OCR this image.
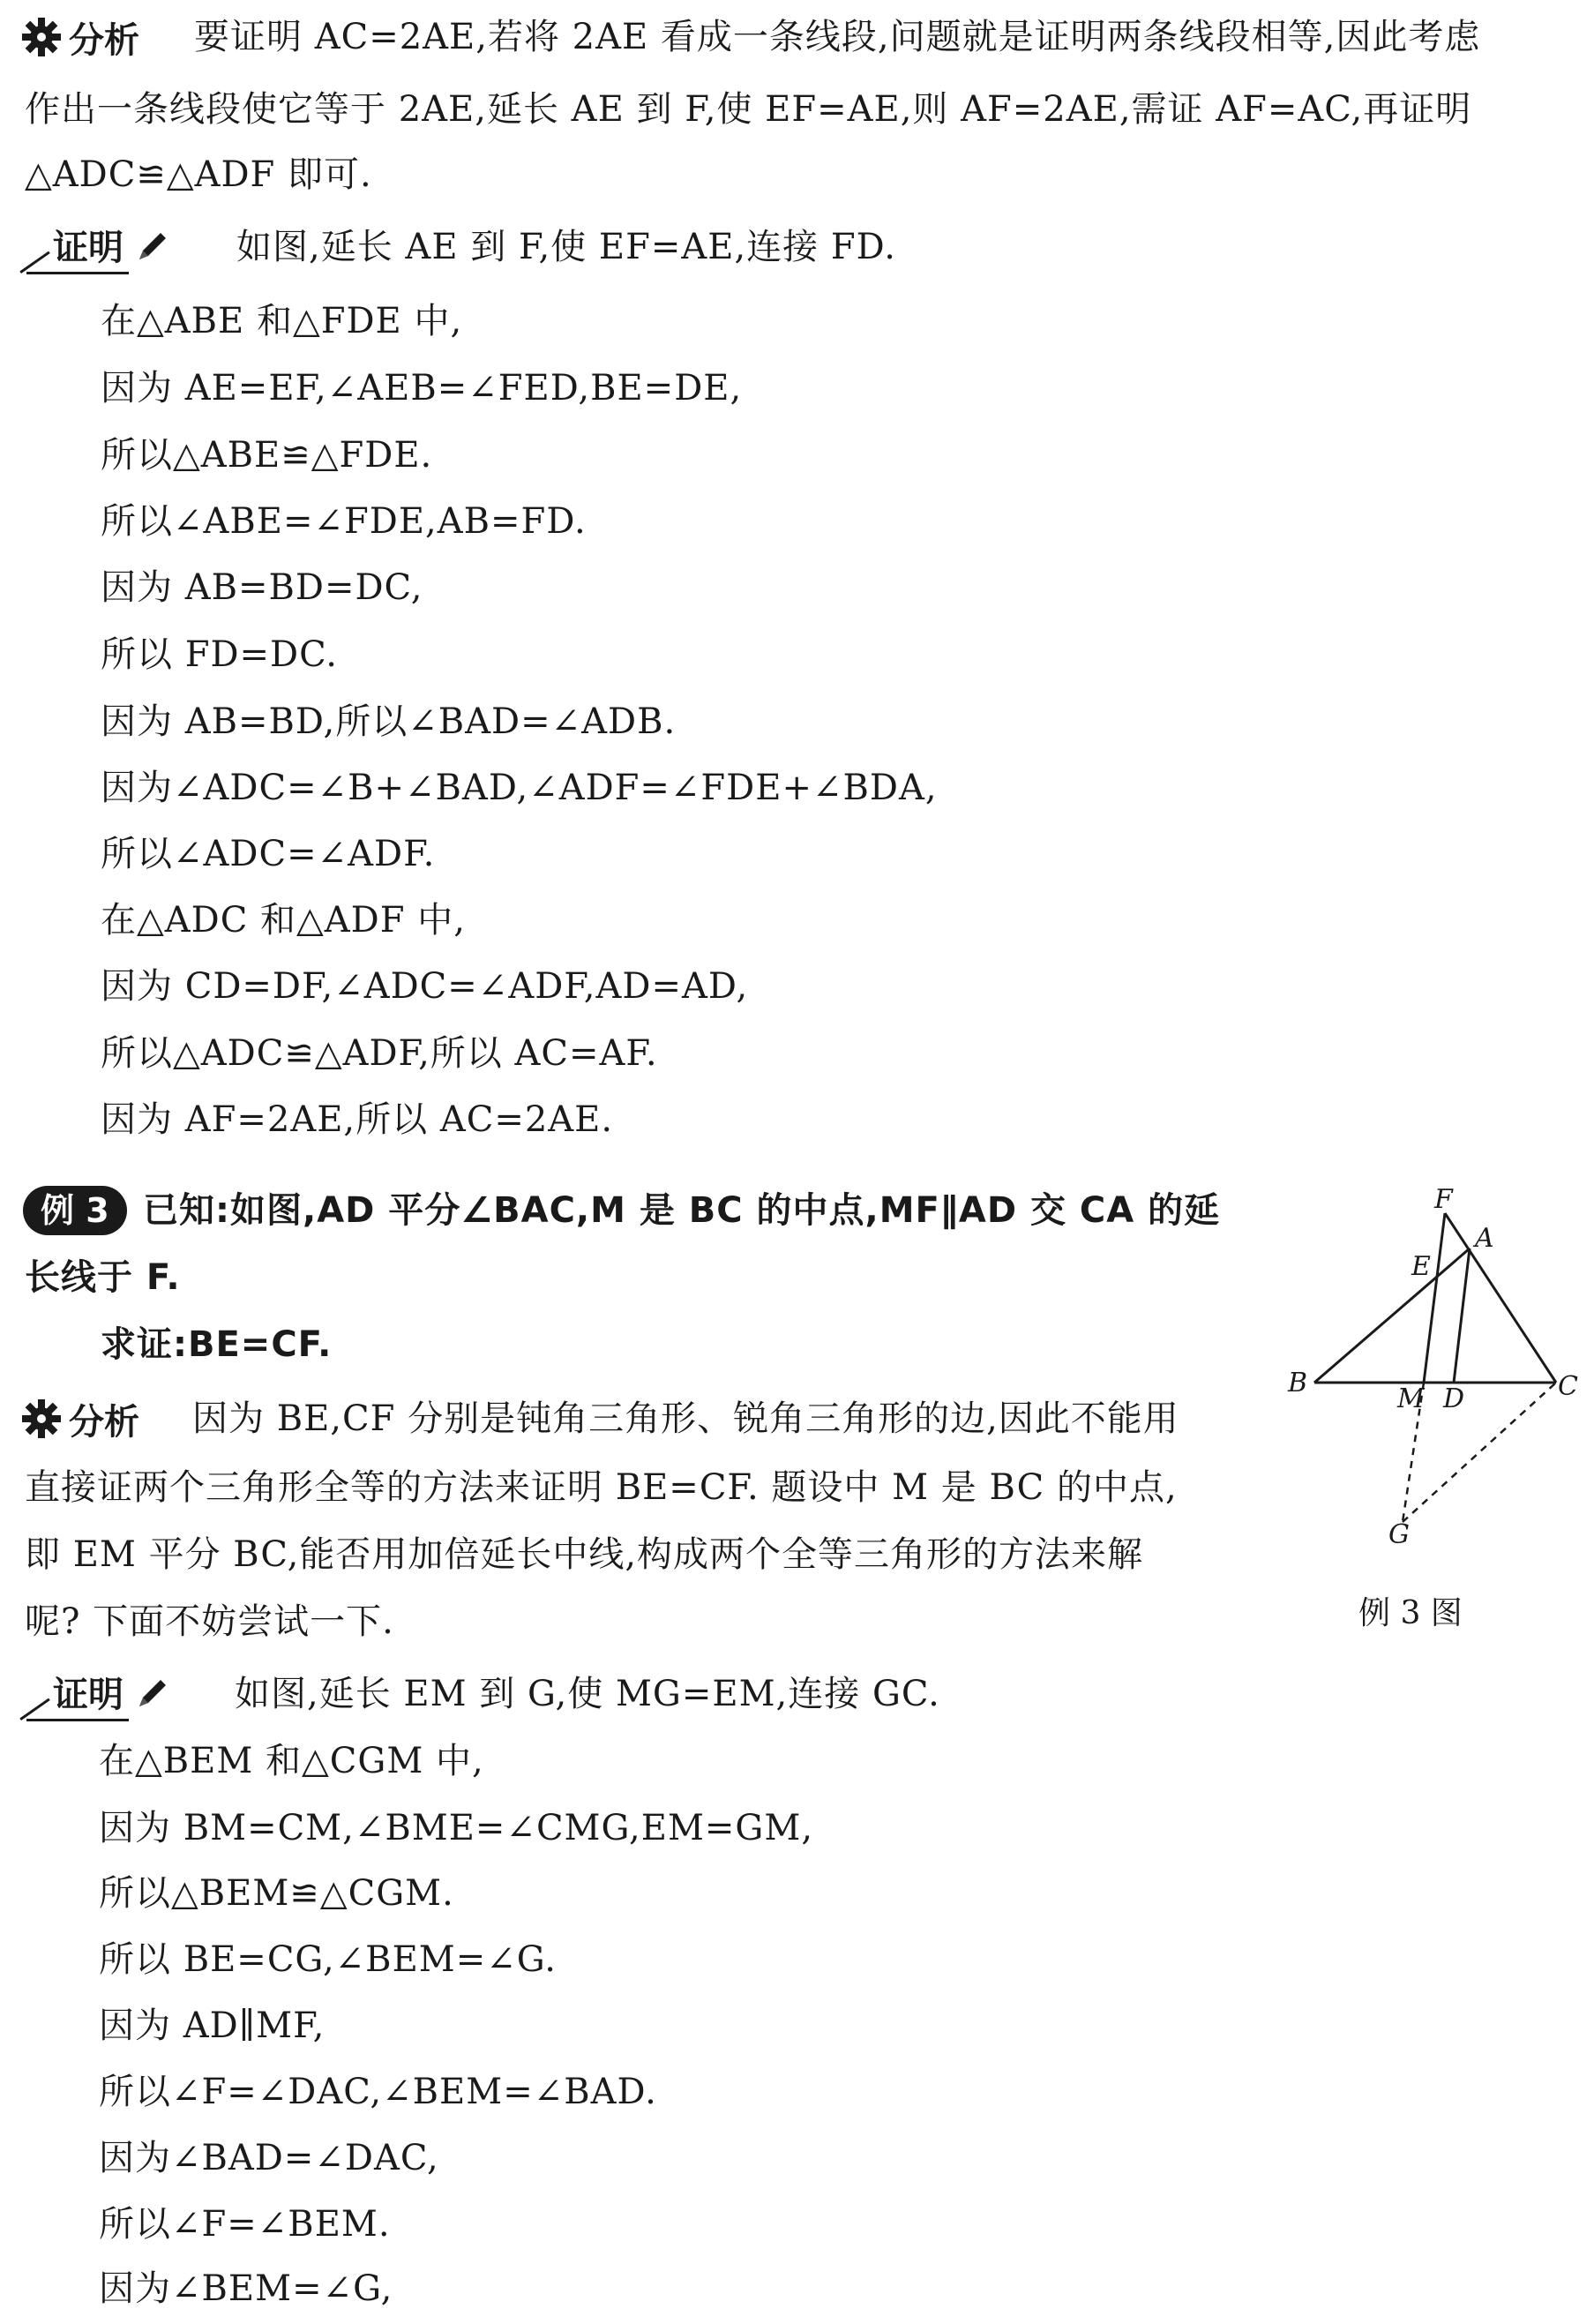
分析 要证明 AC=2AE,若将 2AE 看成一条线段,问题就是证明两条线段相等,因此考虑
作出一条线段使它等于 2AE,延长 AE 到 F,使 EF=AE,则 AF=2AE,需证 AF=AC,再证明
△ADC≌△ADF 即可.
证明	如图,延长 AE 到 F,使 EF=AE,连接 FD.
在△ABE 和△FDE 中,
因为 AE=EF,∠AEB=∠FED,BE=DE,
所以△ABE≌△FDE.
所以∠ABE=∠FDE,AB=FD.
因为 AB=BD=DC,
所以 FD=DC.
因为 AB=BD,所以∠BAD=∠ADB.
因为∠ADC=∠B+∠BAD,∠ADF=∠FDE+∠BDA,
所以∠ADC=∠ADF.
在△ADC 和△ADF 中,
因为 CD=DF,∠ADC=∠ADF,AD=AD,
所以△ADC≌△ADF,所以 AC=AF.
因为 AF=2AE,所以 AC=2AE.
例 3 已知:如图,AD 平分∠BAC,M 是 BC 的中点,MF∥AD 交 CA 的延
长线于 F.
求证:BE=CF.
分析 因为 BE,CF 分别是钝角三角形、锐角三角形的边,因此不能用
直接证两个三角形全等的方法来证明 BE=CF. 题设中 M 是 BC 的中点,
即 EM 平分 BC,能否用加倍延长中线,构成两个全等三角形的方法来解
呢? 下面不妨尝试一下.
F
A
E
B
M D	C
G
例 3 图
证明	如图,延长 EM 到 G,使 MG=EM,连接 GC.
在△BEM 和△CGM 中,
因为 BM=CM,∠BME=∠CMG,EM=GM,
所以△BEM≌△CGM.
所以 BE=CG,∠BEM=∠G.
因为 AD∥MF,
所以∠F=∠DAC,∠BEM=∠BAD.
因为∠BAD=∠DAC,
所以∠F=∠BEM.
因为∠BEM=∠G,
